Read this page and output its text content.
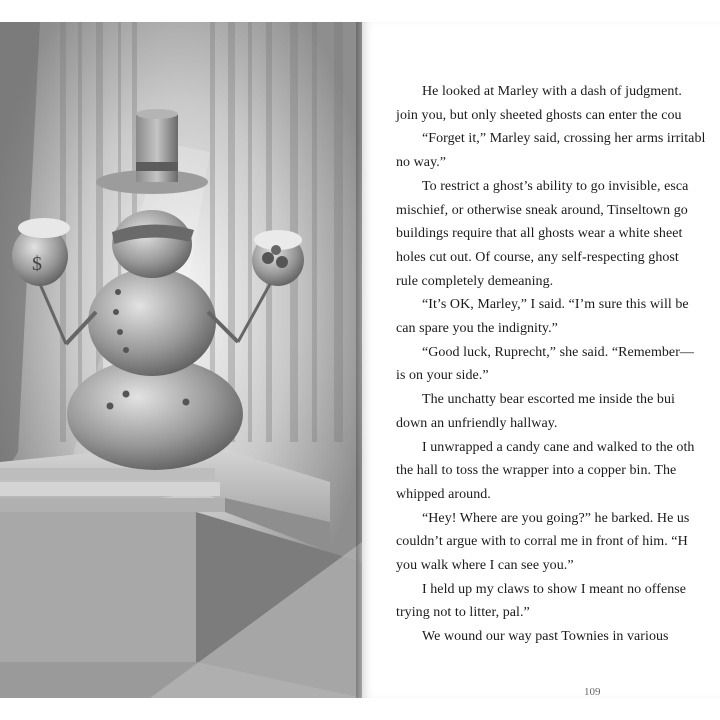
$
He looked at Marley with a dash of judgment.
join you, but only sheeted ghosts can enter the cou
“Forget it,” Marley said, crossing her arms irritabl
no way.”
To restrict a ghost’s ability to go invisible, esca
mischief, or otherwise sneak around, Tinseltown go
buildings require that all ghosts wear a white sheet
holes cut out. Of course, any self-respecting ghost
rule completely demeaning.
“It’s OK, Marley,” I said. “I’m sure this will be
can spare you the indignity.”
“Good luck, Ruprecht,” she said. “Remember—
is on your side.”
The unchatty bear escorted me inside the bui
down an unfriendly hallway.
I unwrapped a candy cane and walked to the oth
the hall to toss the wrapper into a copper bin. The
whipped around.
“Hey! Where are you going?” he barked. He us
couldn’t argue with to corral me in front of him. “H
you walk where I can see you.”
I held up my claws to show I meant no offense
trying not to litter, pal.”
We wound our way past Townies in various
109
